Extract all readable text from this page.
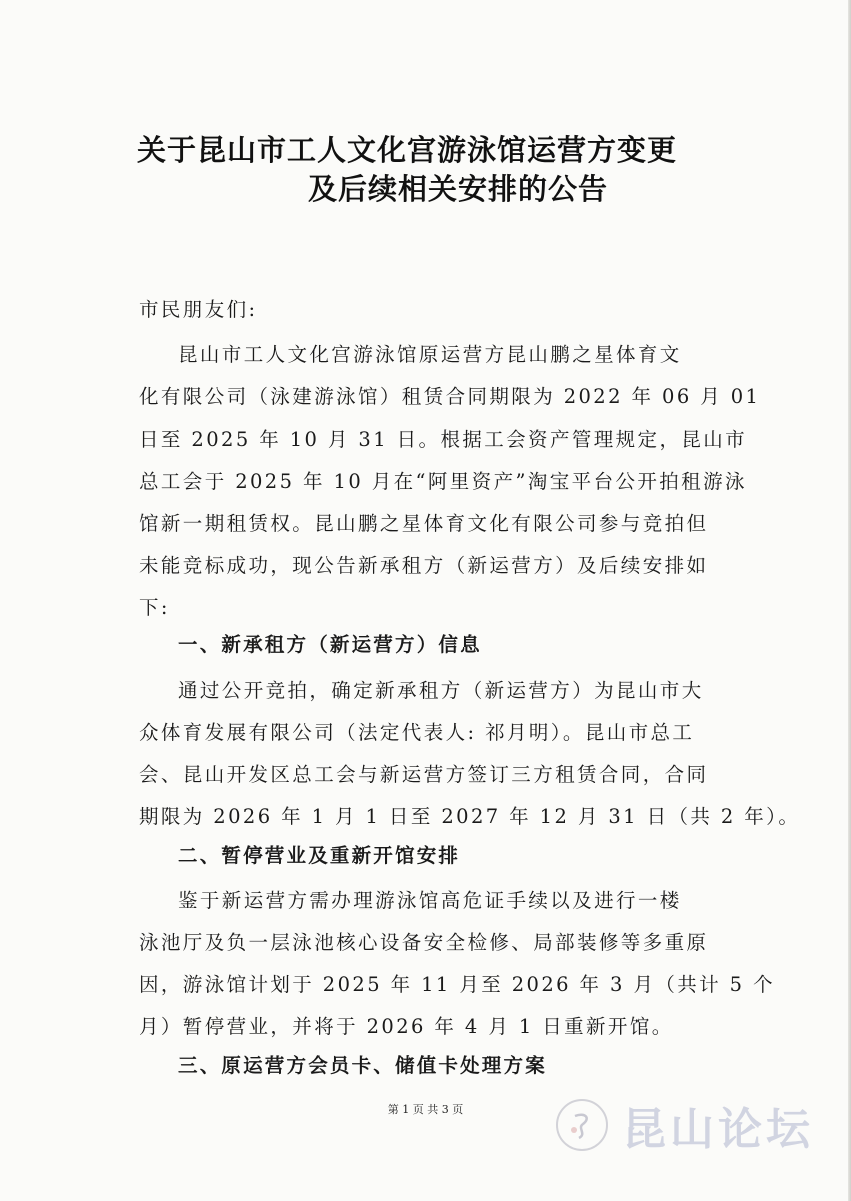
关于昆山市工人文化宫游泳馆运营方变更
及后续相关安排的公告
市民朋友们:
昆山市工人文化宫游泳馆原运营方昆山鹏之星体育文
化有限公司（泳建游泳馆）租赁合同期限为 2022 年 06 月 01
日至 2025 年 10 月 31 日。根据工会资产管理规定，昆山市
总工会于 2025 年 10 月在“阿里资产”淘宝平台公开拍租游泳
馆新一期租赁权。昆山鹏之星体育文化有限公司参与竞拍但
未能竞标成功，现公告新承租方（新运营方）及后续安排如
下:
一、新承租方（新运营方）信息
通过公开竞拍，确定新承租方（新运营方）为昆山市大
众体育发展有限公司（法定代表人: 祁月明）。昆山市总工
会、昆山开发区总工会与新运营方签订三方租赁合同，合同
期限为 2026 年 1 月 1 日至 2027 年 12 月 31 日（共 2 年）。
二、暂停营业及重新开馆安排
鉴于新运营方需办理游泳馆高危证手续以及进行一楼
泳池厅及负一层泳池核心设备安全检修、局部装修等多重原
因，游泳馆计划于 2025 年 11 月至 2026 年 3 月（共计 5 个
月）暂停营业，并将于 2026 年 4 月 1 日重新开馆。
三、原运营方会员卡、储值卡处理方案
第 1 页 共 3 页	昆山论坛
